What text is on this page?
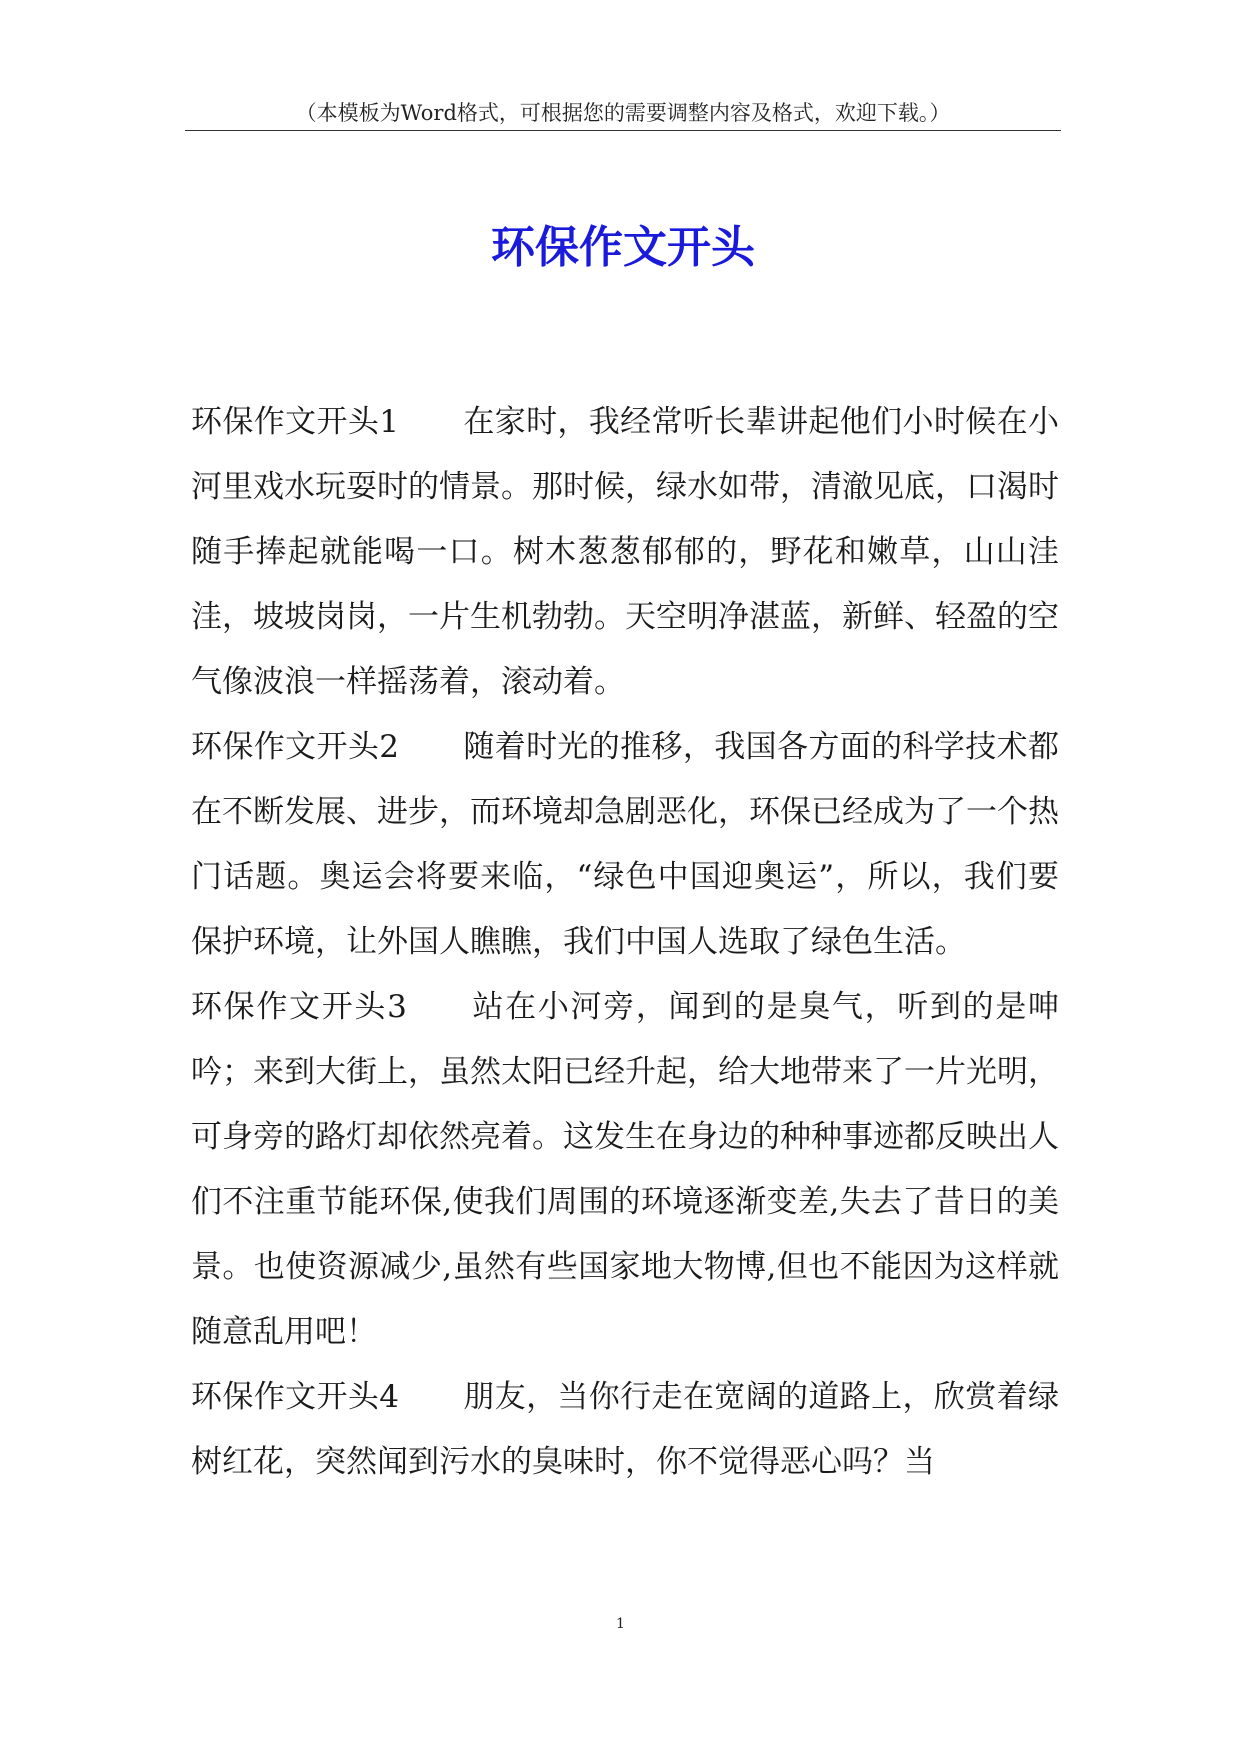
（本模板为Word格式，可根据您的需要调整内容及格式，欢迎下载。）
环保作文开头

环保作文开头1 在家时，我经常听长辈讲起他们小时候在小河里戏水玩耍时的情景。那时候，绿水如带，清澈见底，口渴时随手捧起就能喝一口。树木葱葱郁郁的，野花和嫩草，山山洼洼，坡坡岗岗，一片生机勃勃。天空明净湛蓝，新鲜、轻盈的空气像波浪一样摇荡着，滚动着。

环保作文开头2 随着时光的推移，我国各方面的科学技术都在不断发展、进步，而环境却急剧恶化，环保已经成为了一个热门话题。奥运会将要来临，“绿色中国迎奥运”，所以，我们要保护环境，让外国人瞧瞧，我们中国人选取了绿色生活。

环保作文开头3 站在小河旁，闻到的是臭气，听到的是呻吟；来到大街上，虽然太阳已经升起，给大地带来了一片光明，可身旁的路灯却依然亮着。这发生在身边的种种事迹都反映出人们不注重节能环保,使我们周围的环境逐渐变差,失去了昔日的美景。也使资源减少,虽然有些国家地大物博,但也不能因为这样就随意乱用吧！

环保作文开头4 朋友，当你行走在宽阔的道路上，欣赏着绿树红花，突然闻到污水的臭味时，你不觉得恶心吗？当

1
